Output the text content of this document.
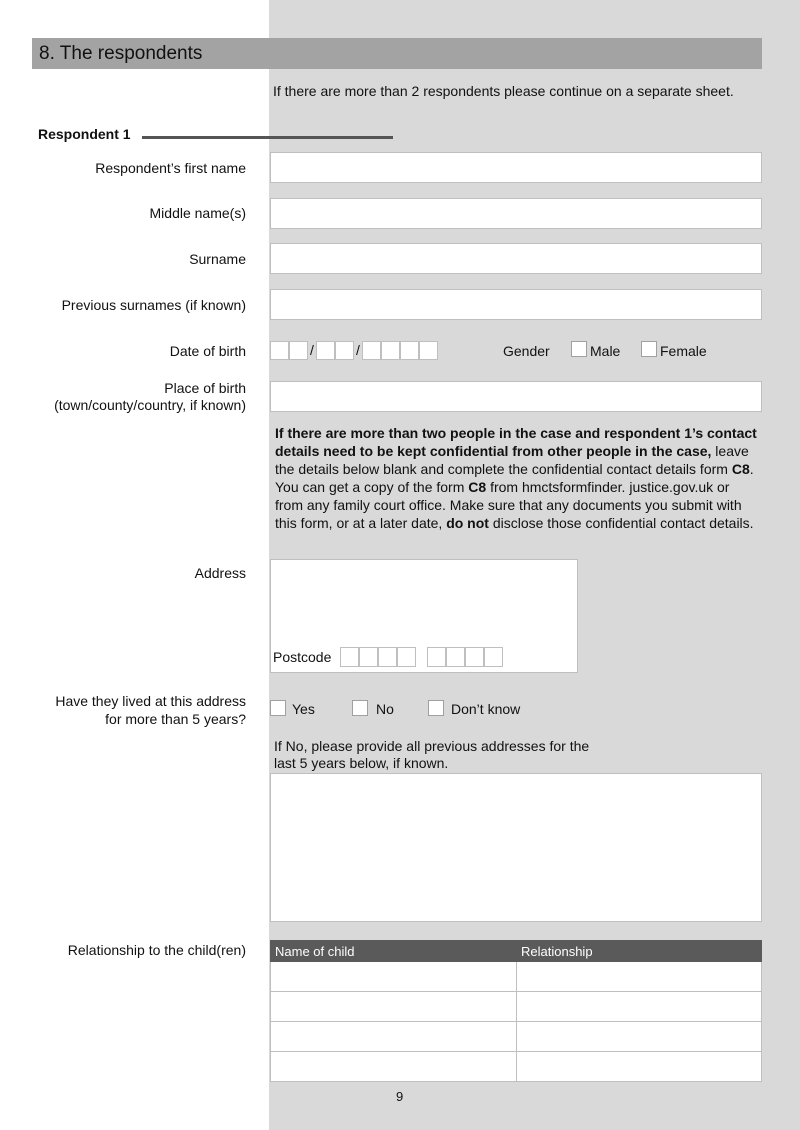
8. The respondents
If there are more than 2 respondents please continue on a separate sheet.
Respondent 1
Respondent’s first name
Middle name(s)
Surname
Previous surnames (if known)
Date of birth	/	/	Gender	Male	Female
Place of birth
(town/county/country, if known)
If there are more than two people in the case and respondent 1’s contact details need to be kept confidential from other people in the case, leave the details below blank and complete the confidential contact details form C8. You can get a copy of the form C8 from hmctsformfinder. justice.gov.uk or from any family court office. Make sure that any documents you submit with this form, or at a later date, do not disclose those confidential contact details.
Address
Postcode
Have they lived at this address
for more than 5 years?
Yes	No	Don’t know
If No, please provide all previous addresses for the
last 5 years below, if known.
Relationship to the child(ren) Name of child	Relationship
9
